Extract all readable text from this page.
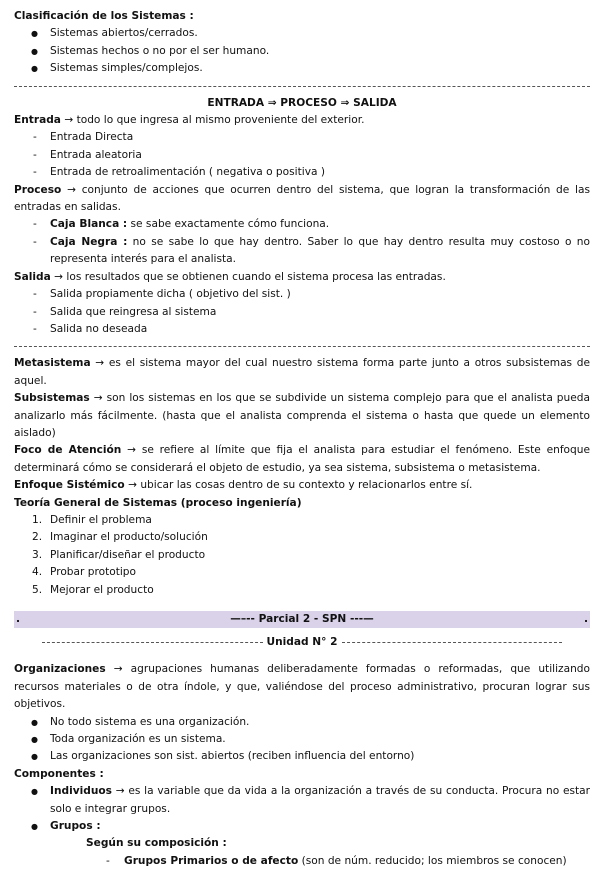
Clasificación de los Sistemas :

● Sistemas abiertos/cerrados.
● Sistemas hechos o no por el ser humano.
● Sistemas simples/complejos.

ENTRADA ⇒ PROCESO ⇒ SALIDA

Entrada → todo lo que ingresa al mismo proveniente del exterior.

- Entrada Directa
- Entrada aleatoria
- Entrada de retroalimentación ( negativa o positiva )

Proceso → conjunto de acciones que ocurren dentro del sistema, que logran la transformación de las entradas en salidas.

- Caja Blanca : se sabe exactamente cómo funciona.
- Caja Negra : no se sabe lo que hay dentro. Saber lo que hay dentro resulta muy costoso o no representa interés para el analista.

Salida → los resultados que se obtienen cuando el sistema procesa las entradas.

- Salida propiamente dicha ( objetivo del sist. )
- Salida que reingresa al sistema
- Salida no deseada

Metasistema → es el sistema mayor del cual nuestro sistema forma parte junto a otros subsistemas de aquel.

Subsistemas → son los sistemas en los que se subdivide un sistema complejo para que el analista pueda analizarlo más fácilmente. (hasta que el analista comprenda el sistema o hasta que quede un elemento aislado)

Foco de Atención → se refiere al límite que fija el analista para estudiar el fenómeno. Este enfoque determinará cómo se considerará el objeto de estudio, ya sea sistema, subsistema o metasistema.

Enfoque Sistémico → ubicar las cosas dentro de su contexto y relacionarlos entre sí.

Teoría General de Sistemas (proceso ingeniería)

1. Definir el problema
2. Imaginar el producto/solución
3. Planificar/diseñar el producto
4. Probar prototipo
5. Mejorar el producto
.	—–-- Parcial 2 - SPN ---—	.
Unidad N° 2

Organizaciones → agrupaciones humanas deliberadamente formadas o reformadas, que utilizando recursos materiales o de otra índole, y que, valiéndose del proceso administrativo, procuran lograr sus objetivos.

● No todo sistema es una organización.
● Toda organización es un sistema.
● Las organizaciones son sist. abiertos (reciben influencia del entorno)

Componentes :

● Individuos → es la variable que da vida a la organización a través de su conducta. Procura no estar solo e integrar grupos.
● Grupos :

Según su composición :

- Grupos Primarios o de afecto (son de núm. reducido; los miembros se conocen)
